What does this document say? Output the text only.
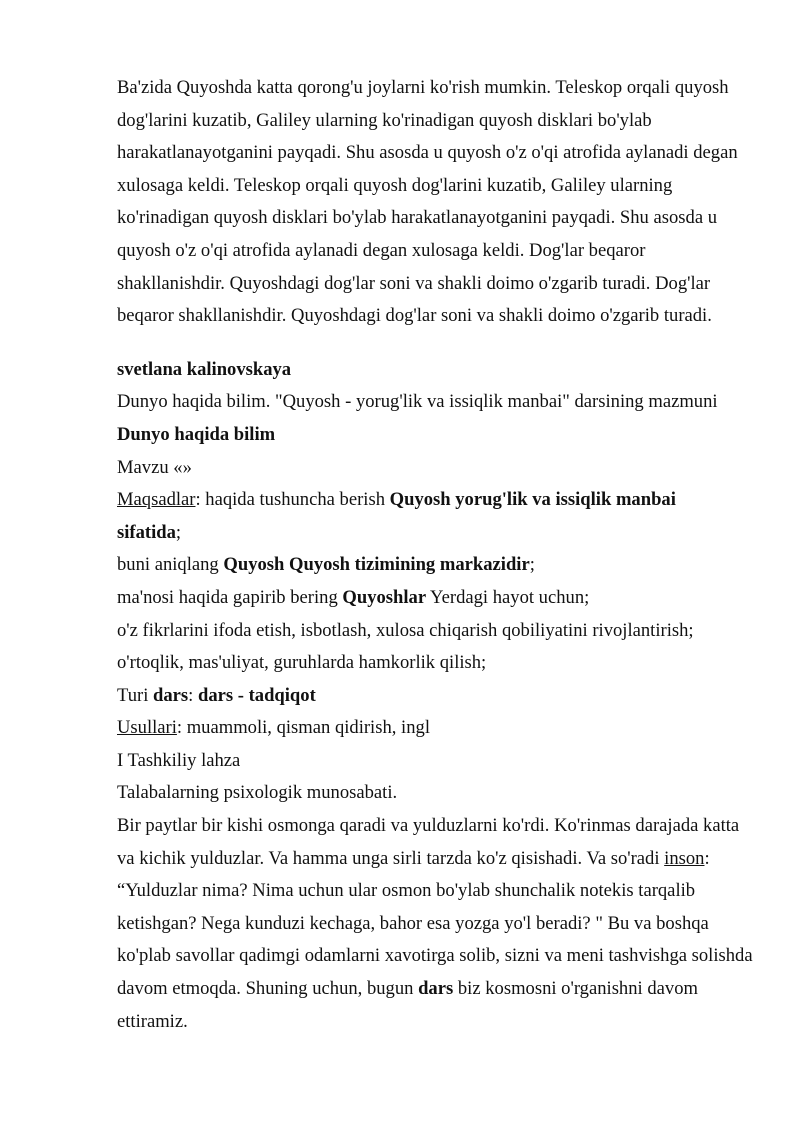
Ba'zida Quyoshda katta qorong'u joylarni ko'rish mumkin. Teleskop orqali quyosh dog'larini kuzatib, Galiley ularning ko'rinadigan quyosh disklari bo'ylab harakatlanayotganini payqadi. Shu asosda u quyosh o'z o'qi atrofida aylanadi degan xulosaga keldi. Teleskop orqali quyosh dog'larini kuzatib, Galiley ularning ko'rinadigan quyosh disklari bo'ylab harakatlanayotganini payqadi. Shu asosda u quyosh o'z o'qi atrofida aylanadi degan xulosaga keldi. Dog'lar beqaror shakllanishdir. Quyoshdagi dog'lar soni va shakli doimo o'zgarib turadi. Dog'lar beqaror shakllanishdir. Quyoshdagi dog'lar soni va shakli doimo o'zgarib turadi.

svetlana kalinovskaya

Dunyo haqida bilim. "Quyosh - yorug'lik va issiqlik manbai" darsining mazmuni

Dunyo haqida bilim

Mavzu «»

Maqsadlar: haqida tushuncha berish Quyosh yorug'lik va issiqlik manbai

sifatida;

buni aniqlang Quyosh Quyosh tizimining markazidir;

ma'nosi haqida gapirib bering Quyoshlar Yerdagi hayot uchun;

o'z fikrlarini ifoda etish, isbotlash, xulosa chiqarish qobiliyatini rivojlantirish;

o'rtoqlik, mas'uliyat, guruhlarda hamkorlik qilish;

Turi dars: dars - tadqiqot

Usullari: muammoli, qisman qidirish, ingl

I Tashkiliy lahza

Talabalarning psixologik munosabati.

Bir paytlar bir kishi osmonga qaradi va yulduzlarni ko'rdi. Ko'rinmas darajada katta va kichik yulduzlar. Va hamma unga sirli tarzda ko'z qisishadi. Va so'radi inson: “Yulduzlar nima? Nima uchun ular osmon bo'ylab shunchalik notekis tarqalib ketishgan? Nega kunduzi kechaga, bahor esa yozga yo'l beradi? " Bu va boshqa ko'plab savollar qadimgi odamlarni xavotirga solib, sizni va meni tashvishga solishda davom etmoqda. Shuning uchun, bugun dars biz kosmosni o'rganishni davom ettiramiz.
